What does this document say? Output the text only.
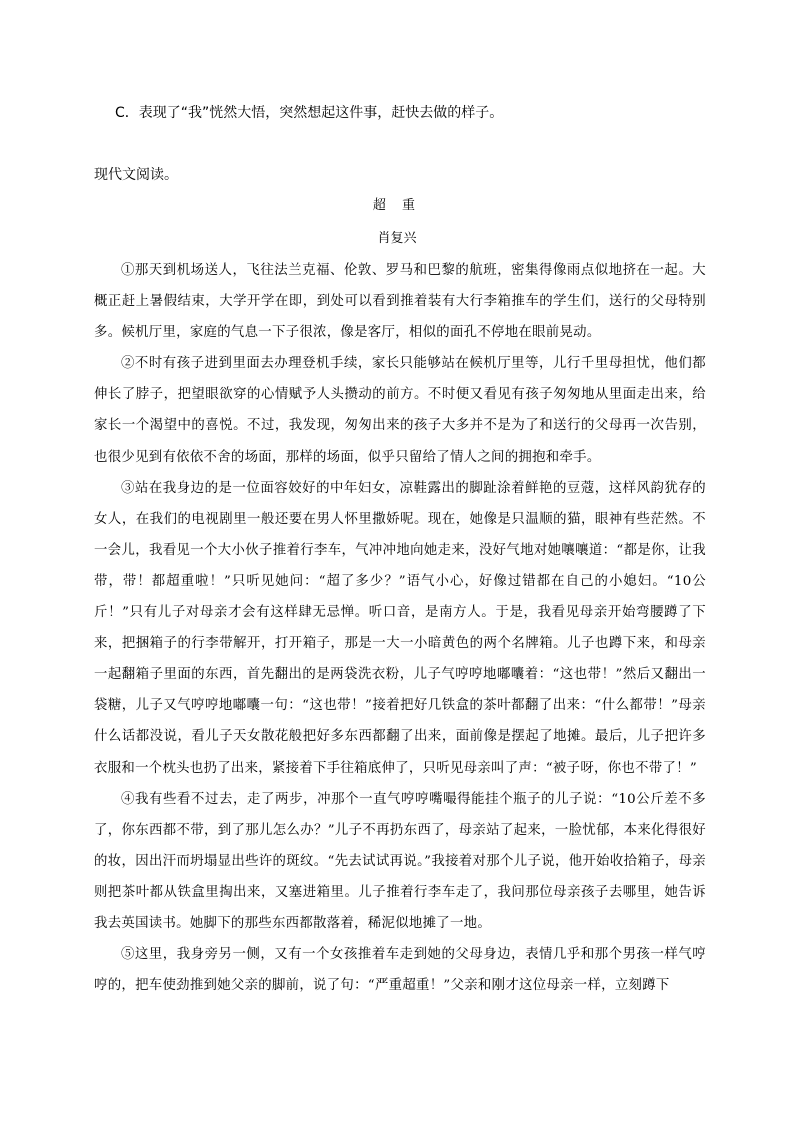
C．表现了“我”恍然大悟，突然想起这件事，赶快去做的样子。
现代文阅读。
超 重
肖复兴

①那天到机场送人，飞往法兰克福、伦敦、罗马和巴黎的航班，密集得像雨点似地挤在一起。大概正赶上暑假结束，大学开学在即，到处可以看到推着装有大行李箱推车的学生们，送行的父母特别多。候机厅里，家庭的气息一下子很浓，像是客厅，相似的面孔不停地在眼前晃动。

②不时有孩子进到里面去办理登机手续，家长只能够站在候机厅里等，儿行千里母担忧，他们都伸长了脖子，把望眼欲穿的心情赋予人头攒动的前方。不时便又看见有孩子匆匆地从里面走出来，给家长一个渴望中的喜悦。不过，我发现，匆匆出来的孩子大多并不是为了和送行的父母再一次告别，也很少见到有依依不舍的场面，那样的场面，似乎只留给了情人之间的拥抱和牵手。

③站在我身边的是一位面容姣好的中年妇女，凉鞋露出的脚趾涂着鲜艳的豆蔻，这样风韵犹存的女人，在我们的电视剧里一般还要在男人怀里撒娇呢。现在，她像是只温顺的猫，眼神有些茫然。不一会儿，我看见一个大小伙子推着行李车，气冲冲地向她走来，没好气地对她嚷嚷道：“都是你，让我带，带！都超重啦！”只听见她问：“超了多少？”语气小心，好像过错都在自己的小媳妇。“10公斤！”只有儿子对母亲才会有这样肆无忌惮。听口音，是南方人。于是，我看见母亲开始弯腰蹲了下来，把捆箱子的行李带解开，打开箱子，那是一大一小暗黄色的两个名牌箱。儿子也蹲下来，和母亲一起翻箱子里面的东西，首先翻出的是两袋洗衣粉，儿子气哼哼地嘟囔着：“这也带！”然后又翻出一袋糖，儿子又气哼哼地嘟囔一句：“这也带！”接着把好几铁盒的茶叶都翻了出来：“什么都带！”母亲什么话都没说，看儿子天女散花般把好多东西都翻了出来，面前像是摆起了地摊。最后，儿子把许多衣服和一个枕头也扔了出来，紧接着下手往箱底伸了，只听见母亲叫了声：“被子呀，你也不带了！”

④我有些看不过去，走了两步，冲那个一直气哼哼嘴嘬得能挂个瓶子的儿子说：“10公斤差不多了，你东西都不带，到了那儿怎么办？”儿子不再扔东西了，母亲站了起来，一脸忧郁，本来化得很好的妆，因出汗而坍塌显出些许的斑纹。“先去试试再说。”我接着对那个儿子说，他开始收拾箱子，母亲则把茶叶都从铁盒里掏出来，又塞进箱里。儿子推着行李车走了，我问那位母亲孩子去哪里，她告诉我去英国读书。她脚下的那些东西都散落着，稀泥似地摊了一地。

⑤这里，我身旁另一侧，又有一个女孩推着车走到她的父母身边，表情几乎和那个男孩一样气哼哼的，把车使劲推到她父亲的脚前，说了句：“严重超重！”父亲和刚才这位母亲一样，立刻蹲下
